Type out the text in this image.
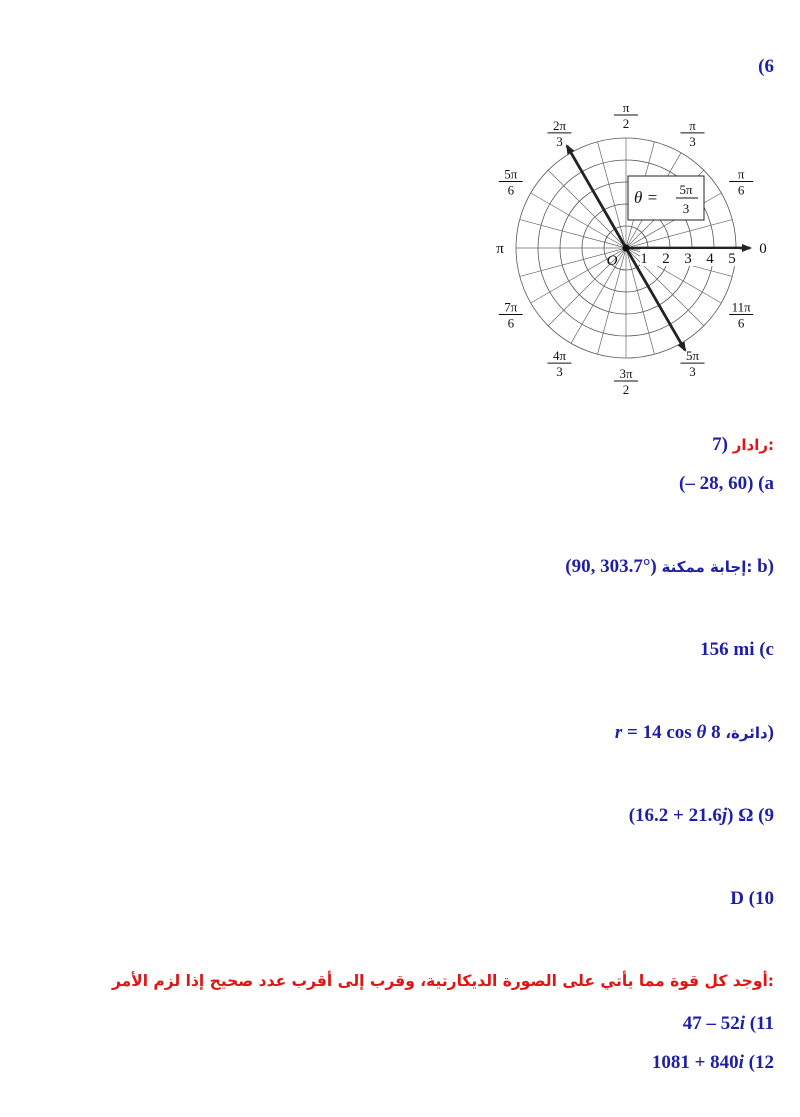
(6
1 2 3 4 5
O
θ = 5π
3
π
2	π
3
π
6
0
11π
6
5π
3
3π
2
4π
3
7π
6
π
5π
6
2π
3
7) رادار:
(– 28, 60) (a
(90, 303.7°) إجابة ممكنة: b)
156 mi (c
r = 14 cos θ دائرة، 8)
(16.2 + 21.6j) Ω (9
D (10
أوجد كل قوة مما يأتي على الصورة الديكارتية، وقرب إلى أقرب عدد صحيح إذا لزم الأمر:
47 – 52i (11
1081 + 840i (12
